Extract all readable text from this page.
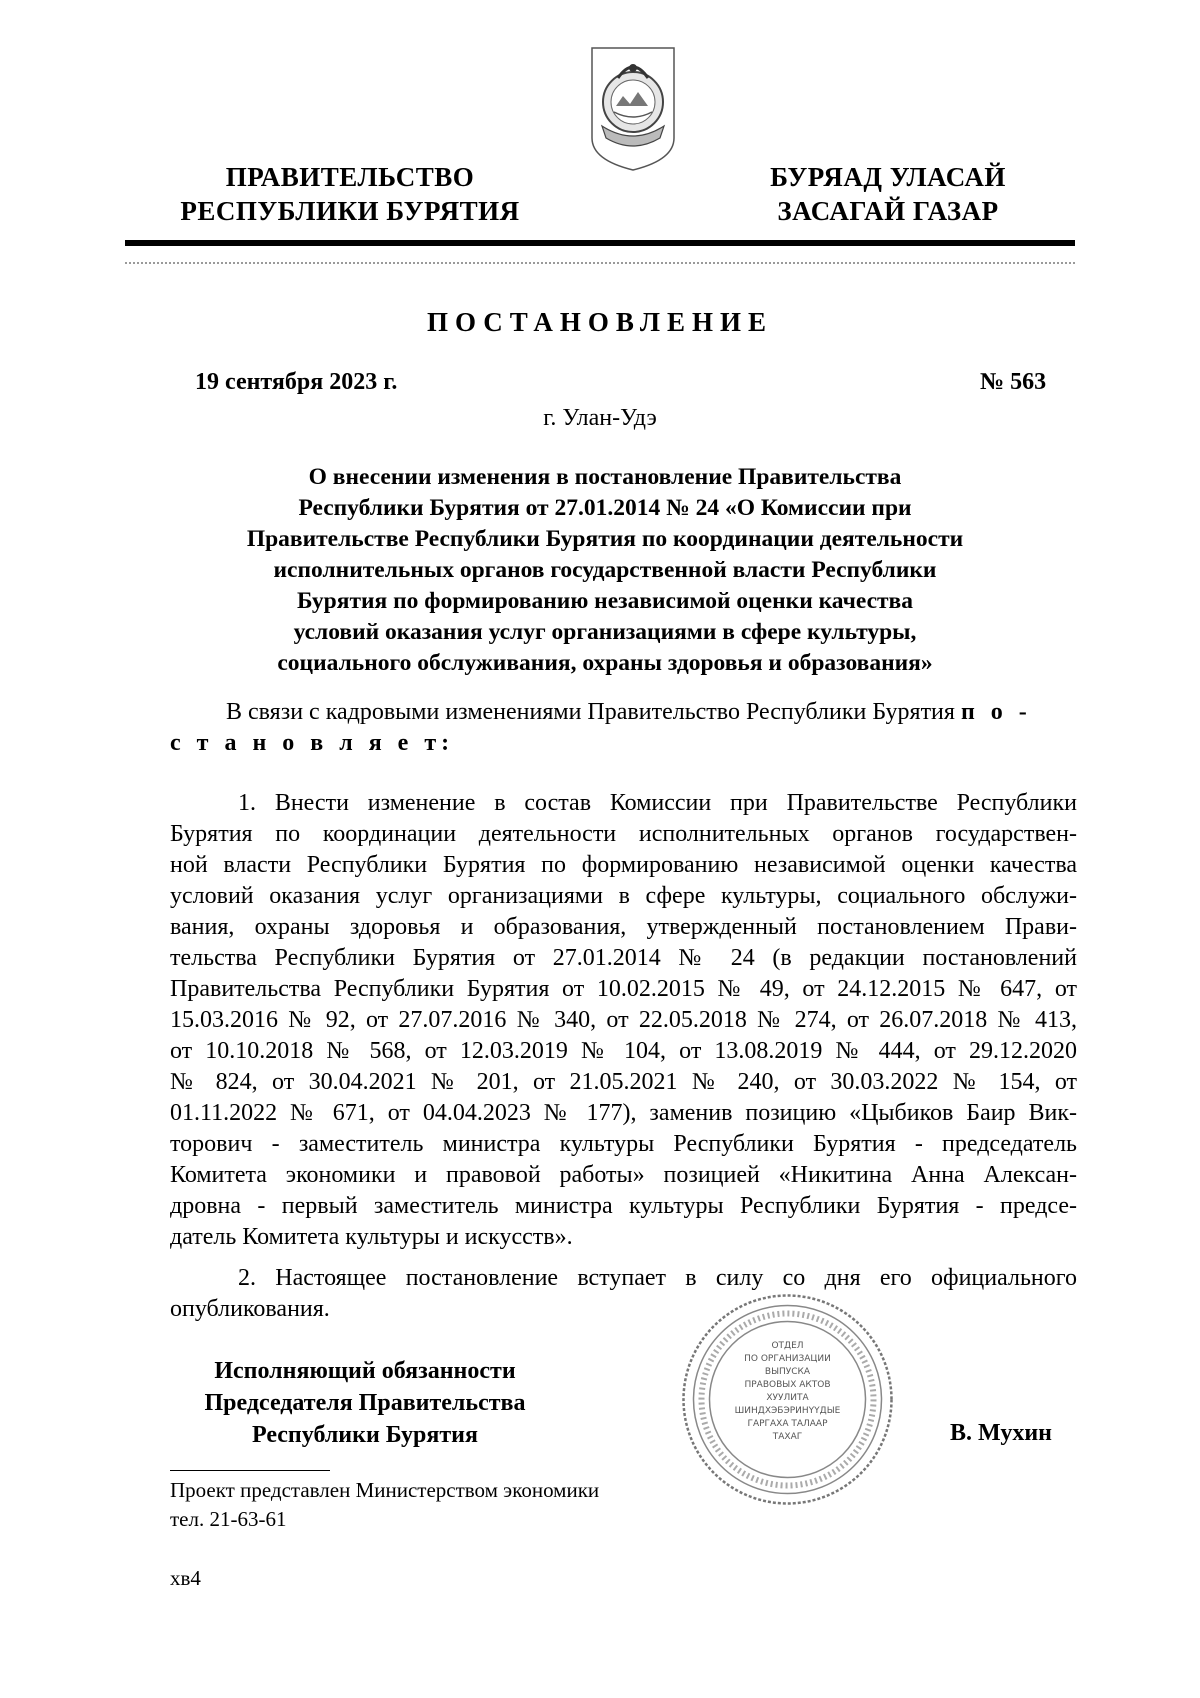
ПРАВИТЕЛЬСТВО
РЕСПУБЛИКИ БУРЯТИЯ
БУРЯАД УЛАСАЙ
ЗАСАГАЙ ГАЗАР
ПОСТАНОВЛЕНИЕ
19 сентября 2023 г.	№ 563
г. Улан-Удэ
О внесении изменения в постановление Правительства
Республики Бурятия от 27.01.2014 № 24 «О Комиссии при
Правительстве Республики Бурятия по координации деятельности
исполнительных органов государственной власти Республики
Бурятия по формированию независимой оценки качества
условий оказания услуг организациями в сфере культуры,
социального обслуживания, охраны здоровья и образования»
В связи с кадровыми изменениями Правительство Республики Бурятия п о -
с т а н о в л я е т:
1. Внести изменение в состав Комиссии при Правительстве Республики
Бурятия по координации деятельности исполнительных органов государствен-
ной власти Республики Бурятия по формированию независимой оценки качества
условий оказания услуг организациями в сфере культуры, социального обслужи-
вания, охраны здоровья и образования, утвержденный постановлением Прави-
тельства Республики Бурятия от 27.01.2014 № 24 (в редакции постановлений
Правительства Республики Бурятия от 10.02.2015 № 49, от 24.12.2015 № 647, от
15.03.2016 № 92, от 27.07.2016 № 340, от 22.05.2018 № 274, от 26.07.2018 № 413,
от 10.10.2018 № 568, от 12.03.2019 № 104, от 13.08.2019 № 444, от 29.12.2020
№ 824, от 30.04.2021 № 201, от 21.05.2021 № 240, от 30.03.2022 № 154, от
01.11.2022 № 671, от 04.04.2023 № 177), заменив позицию «Цыбиков Баир Вик-
торович - заместитель министра культуры Республики Бурятия - председатель
Комитета экономики и правовой работы» позицией «Никитина Анна Алексан-
дровна - первый заместитель министра культуры Республики Бурятия - предсе-
датель Комитета культуры и искусств».
2. Настоящее постановление вступает в силу со дня его официального
опубликования.
Исполняющий обязанности
Председателя Правительства
Республики Бурятия
ОТДЕЛ
ПО ОРГАНИЗАЦИИ
ВЫПУСКА
ПРАВОВЫХ АКТОВ
ХУУЛИТА
ШИНДХЭБЭРИНҮҮДЫЕ
ГАРГАХА ТАЛААР
ТАХАГ	В. Мухин
Проект представлен Министерством экономики
тел. 21-63-61
хв4
